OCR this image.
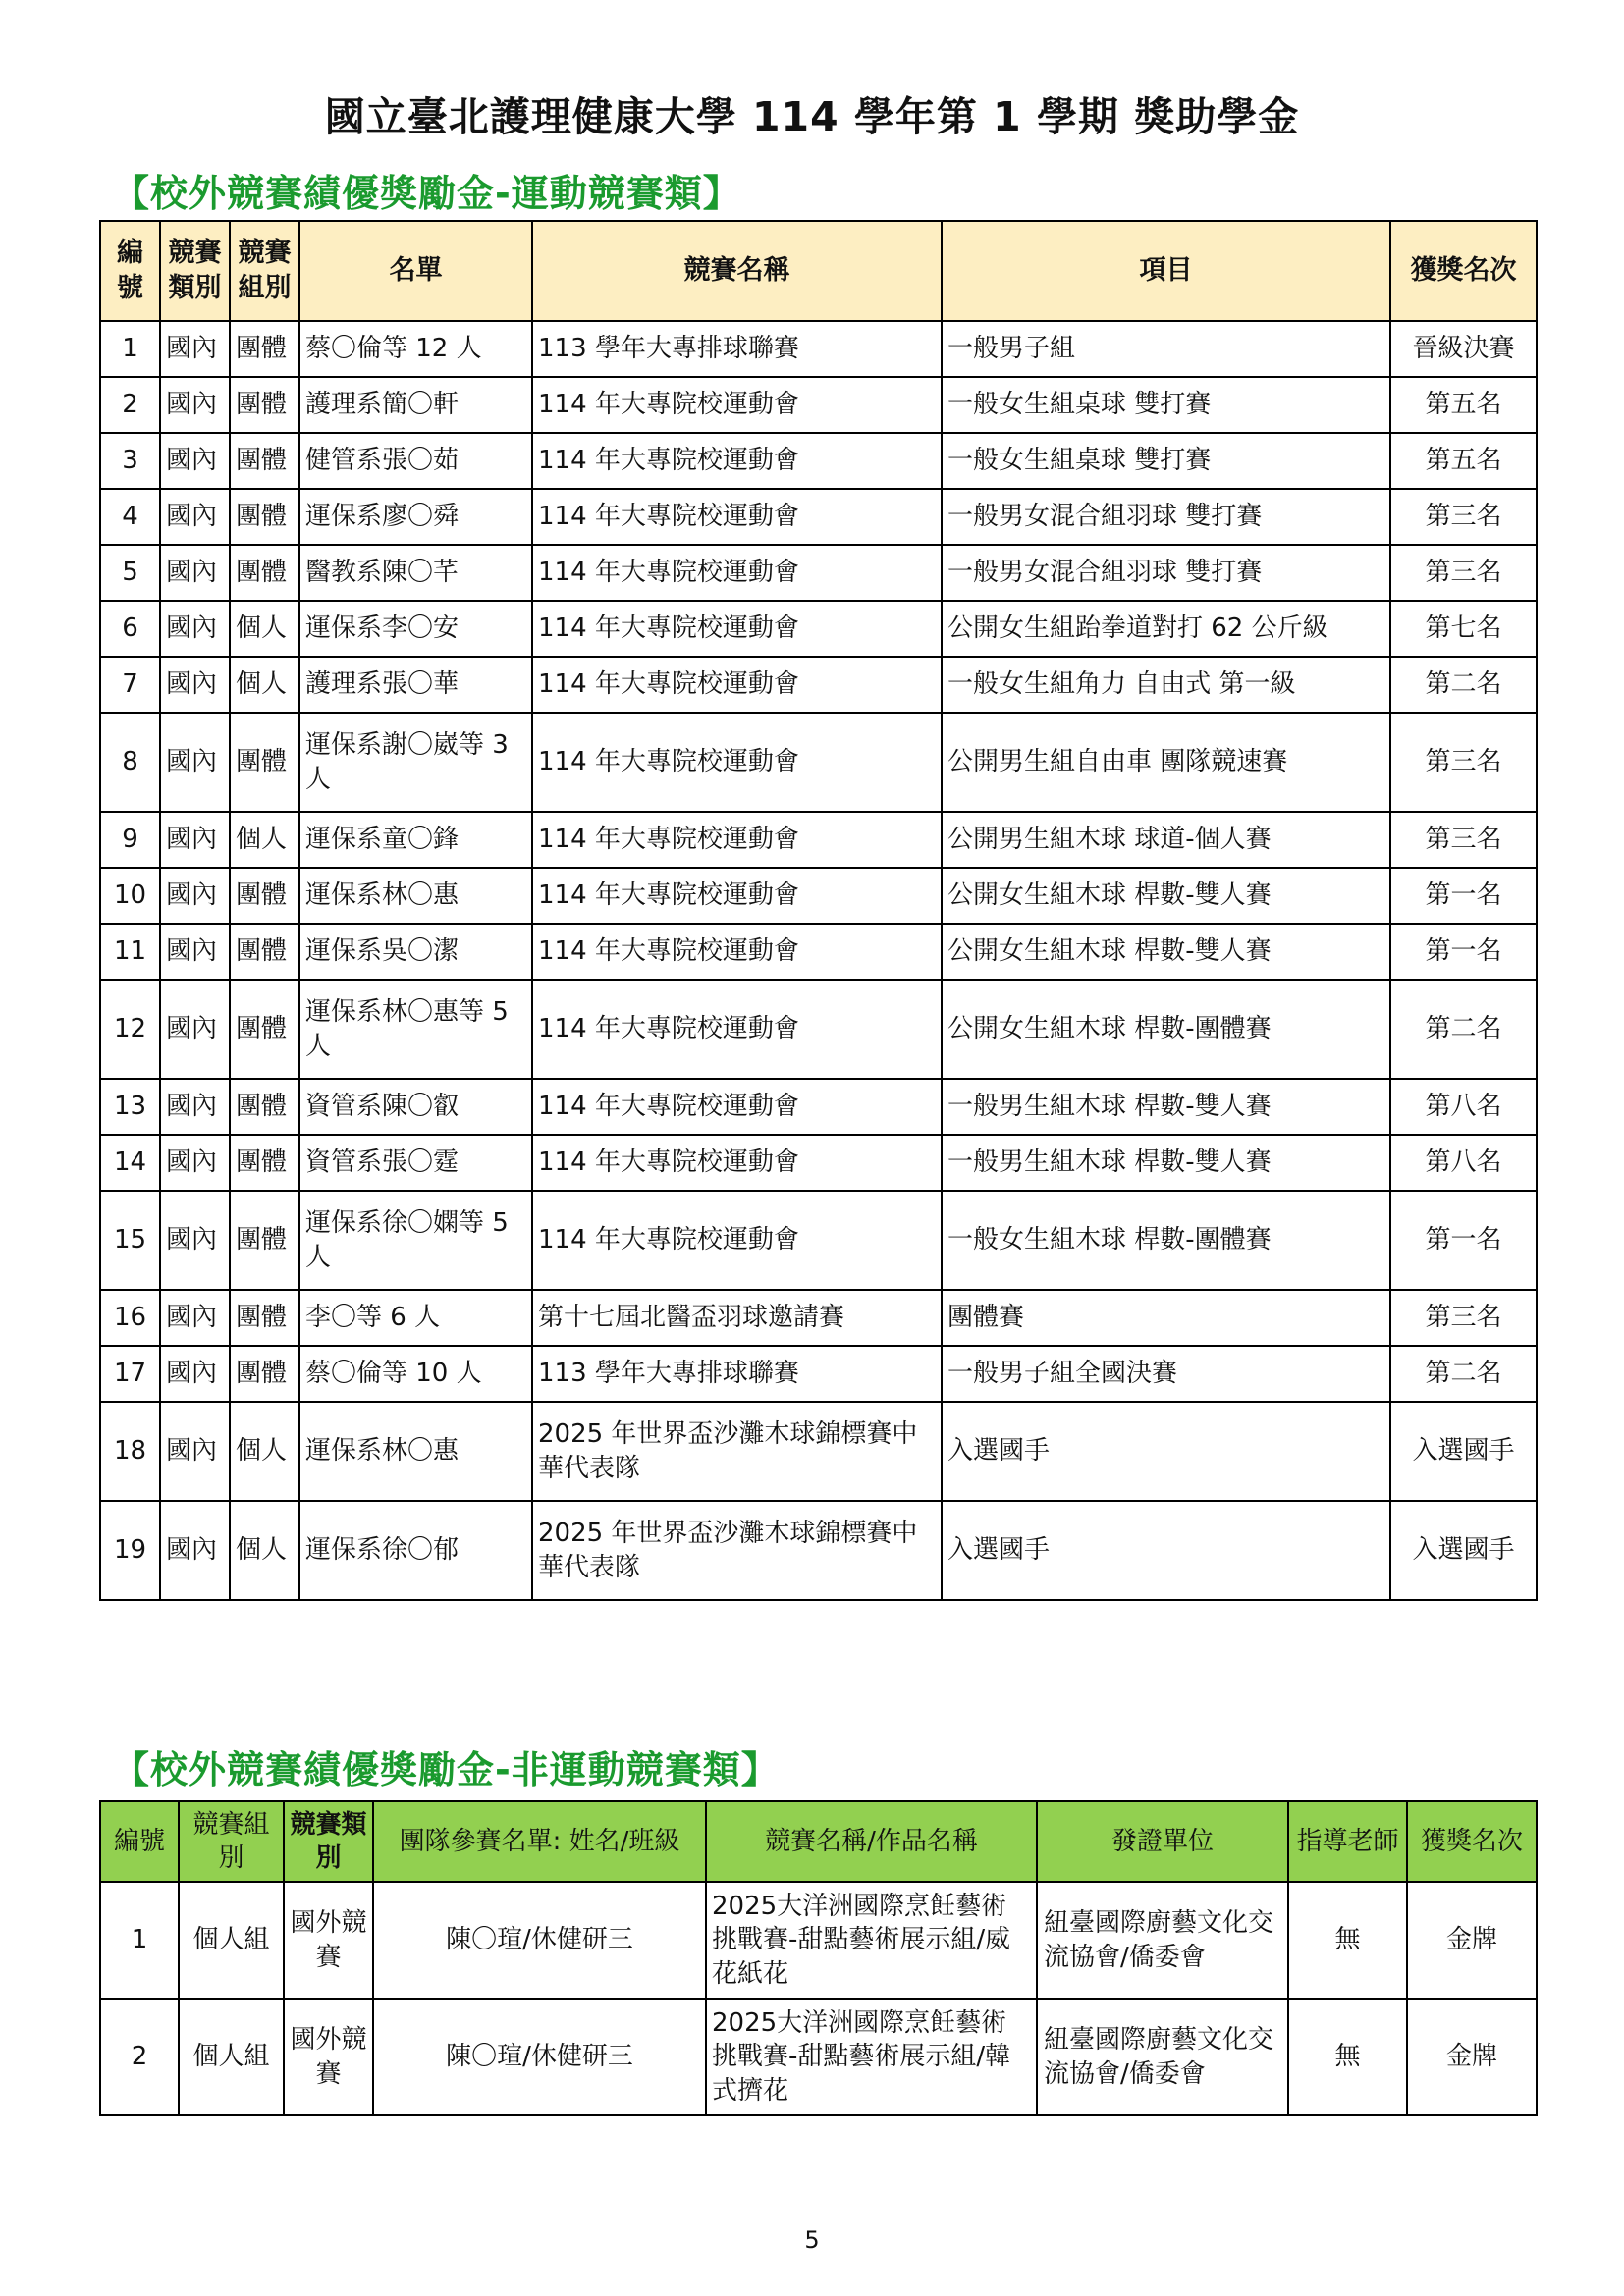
國立臺北護理健康大學 114 學年第 1 學期 獎助學金
【校外競賽績優獎勵金-運動競賽類】
編號	競賽類別	競賽組別	名單	競賽名稱	項目	獲獎名次
1	國內	團體	蔡〇倫等 12 人	113 學年大專排球聯賽	一般男子組	晉級決賽
2	國內	團體	護理系簡〇軒	114 年大專院校運動會	一般女生組桌球 雙打賽	第五名
3	國內	團體	健管系張〇茹	114 年大專院校運動會	一般女生組桌球 雙打賽	第五名
4	國內	團體	運保系廖〇舜	114 年大專院校運動會	一般男女混合組羽球 雙打賽	第三名
5	國內	團體	醫教系陳〇芊	114 年大專院校運動會	一般男女混合組羽球 雙打賽	第三名
6	國內	個人	運保系李〇安	114 年大專院校運動會	公開女生組跆拳道對打 62 公斤級	第七名
7	國內	個人	護理系張〇華	114 年大專院校運動會	一般女生組角力 自由式 第一級	第二名
8	國內	團體	運保系謝〇崴等 3 人	114 年大專院校運動會	公開男生組自由車 團隊競速賽	第三名
9	國內	個人	運保系童〇鋒	114 年大專院校運動會	公開男生組木球 球道-個人賽	第三名
10	國內	團體	運保系林〇惠	114 年大專院校運動會	公開女生組木球 桿數-雙人賽	第一名
11	國內	團體	運保系吳〇潔	114 年大專院校運動會	公開女生組木球 桿數-雙人賽	第一名
12	國內	團體	運保系林〇惠等 5 人	114 年大專院校運動會	公開女生組木球 桿數-團體賽	第二名
13	國內	團體	資管系陳〇叡	114 年大專院校運動會	一般男生組木球 桿數-雙人賽	第八名
14	國內	團體	資管系張〇霆	114 年大專院校運動會	一般男生組木球 桿數-雙人賽	第八名
15	國內	團體	運保系徐〇嫻等 5 人	114 年大專院校運動會	一般女生組木球 桿數-團體賽	第一名
16	國內	團體	李〇等 6 人	第十七屆北醫盃羽球邀請賽	團體賽	第三名
17	國內	團體	蔡〇倫等 10 人	113 學年大專排球聯賽	一般男子組全國決賽	第二名
18	國內	個人	運保系林〇惠	2025 年世界盃沙灘木球錦標賽中華代表隊	入選國手	入選國手
19	國內	個人	運保系徐〇郁	2025 年世界盃沙灘木球錦標賽中華代表隊	入選國手	入選國手
【校外競賽績優獎勵金-非運動競賽類】
編號	競賽組別	競賽類別	團隊參賽名單: 姓名/班級	競賽名稱/作品名稱	發證單位	指導老師	獲獎名次
1	個人組	國外競賽	陳〇瑄/休健研三	2025大洋洲國際烹飪藝術挑戰賽-甜點藝術展示組/威花紙花	紐臺國際廚藝文化交流協會/僑委會	無	金牌
2	個人組	國外競賽	陳〇瑄/休健研三	2025大洋洲國際烹飪藝術挑戰賽-甜點藝術展示組/韓式擠花	紐臺國際廚藝文化交流協會/僑委會	無	金牌

5
